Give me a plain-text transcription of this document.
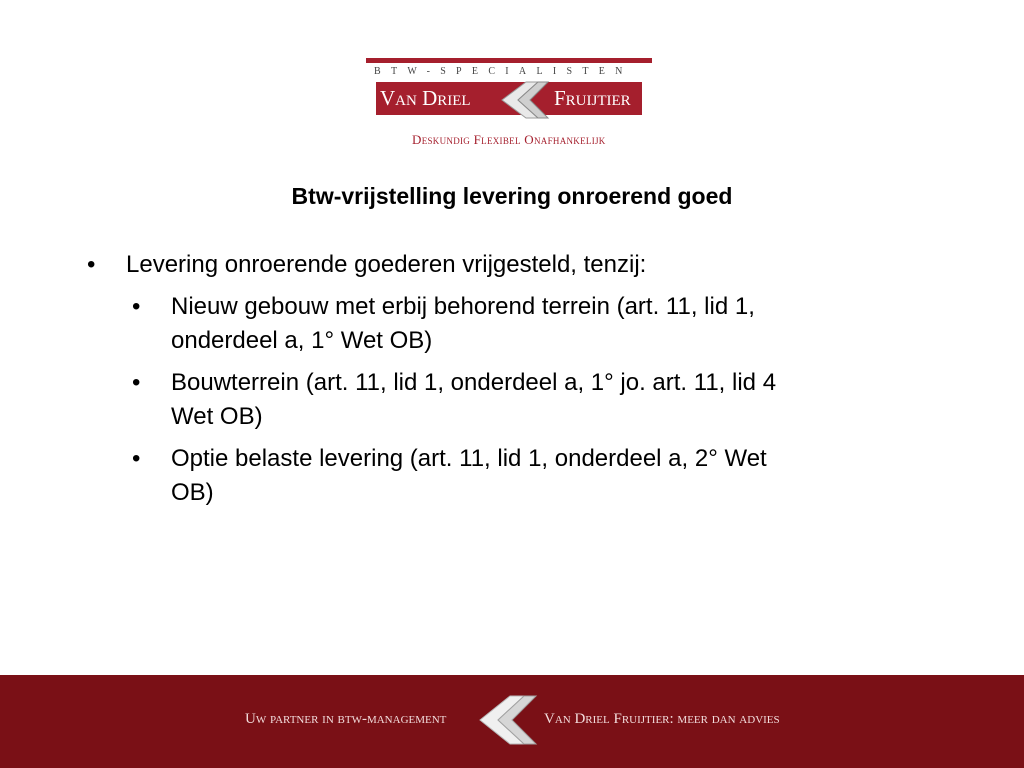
BTW-SPECIALISTEN
Van Driel	Fruijtier
Deskundig Flexibel Onafhankelijk
Btw-vrijstelling levering onroerend goed
• Levering onroerende goederen vrijgesteld, tenzij:
• Nieuw gebouw met erbij behorend terrein (art. 11, lid 1,
onderdeel a, 1° Wet OB)
• Bouwterrein (art. 11, lid 1, onderdeel a, 1° jo. art. 11, lid 4
Wet OB)
• Optie belaste levering (art. 11, lid 1, onderdeel a, 2° Wet
OB)
Uw partner in btw-management	Van Driel Fruijtier: meer dan advies
